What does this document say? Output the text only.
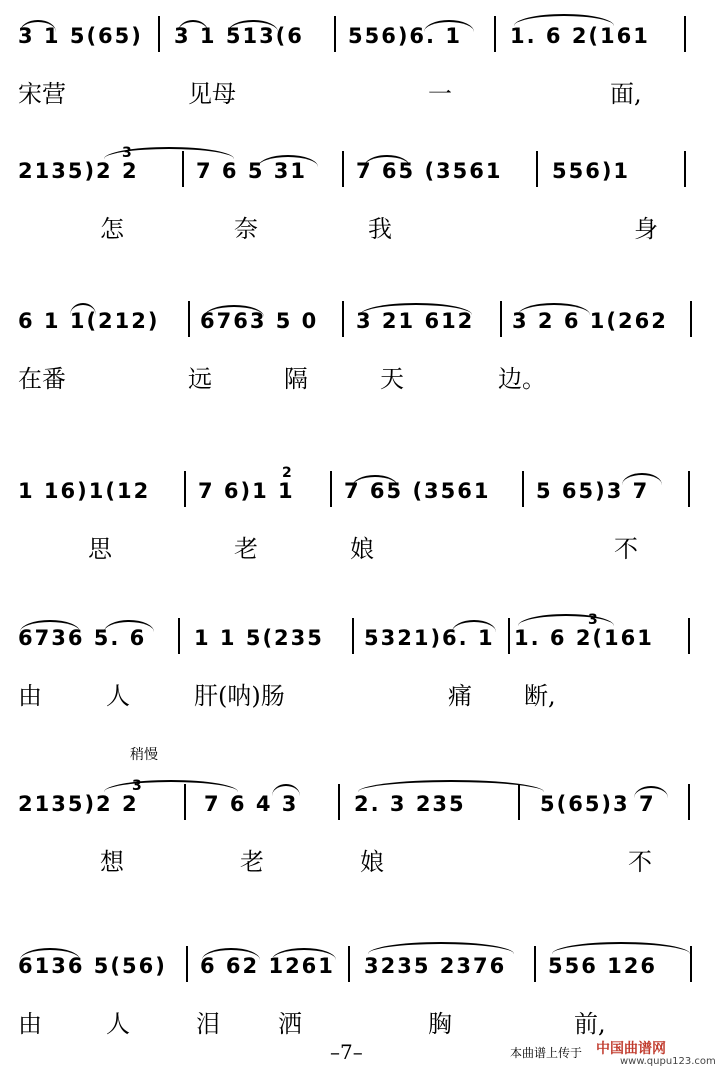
3 1 5(65) 3 1 513(6 556)6. 1 1. 6 2(161
宋营	见母	一	面,
2135)2 2
3
7 6 5 31 7 65 (3561 556)1
怎	奈	我	身
6 1 1(212) 6763 5 0 3 21 612 3 2 6 1(262
在番	远	隔	天	边。
1 16)1(12 7 6)1 1
2
7 65 (3561 5 65)3 7
思	老	娘	不
6736 5. 6 1 1 5(235 5321)6. 1 1. 6 2(161
3
由	人	肝(呐)肠	痛 断,
稍慢
2135)2 2
3
7 6 4 3	2. 3 235	5(65)3 7
想	老	娘	不
6136 5(56) 6 62 1261 3235 2376 556 126
由	人	泪 洒	胸	前,
–7–	本曲谱上传于 中国曲谱网
www.qupu123.com
